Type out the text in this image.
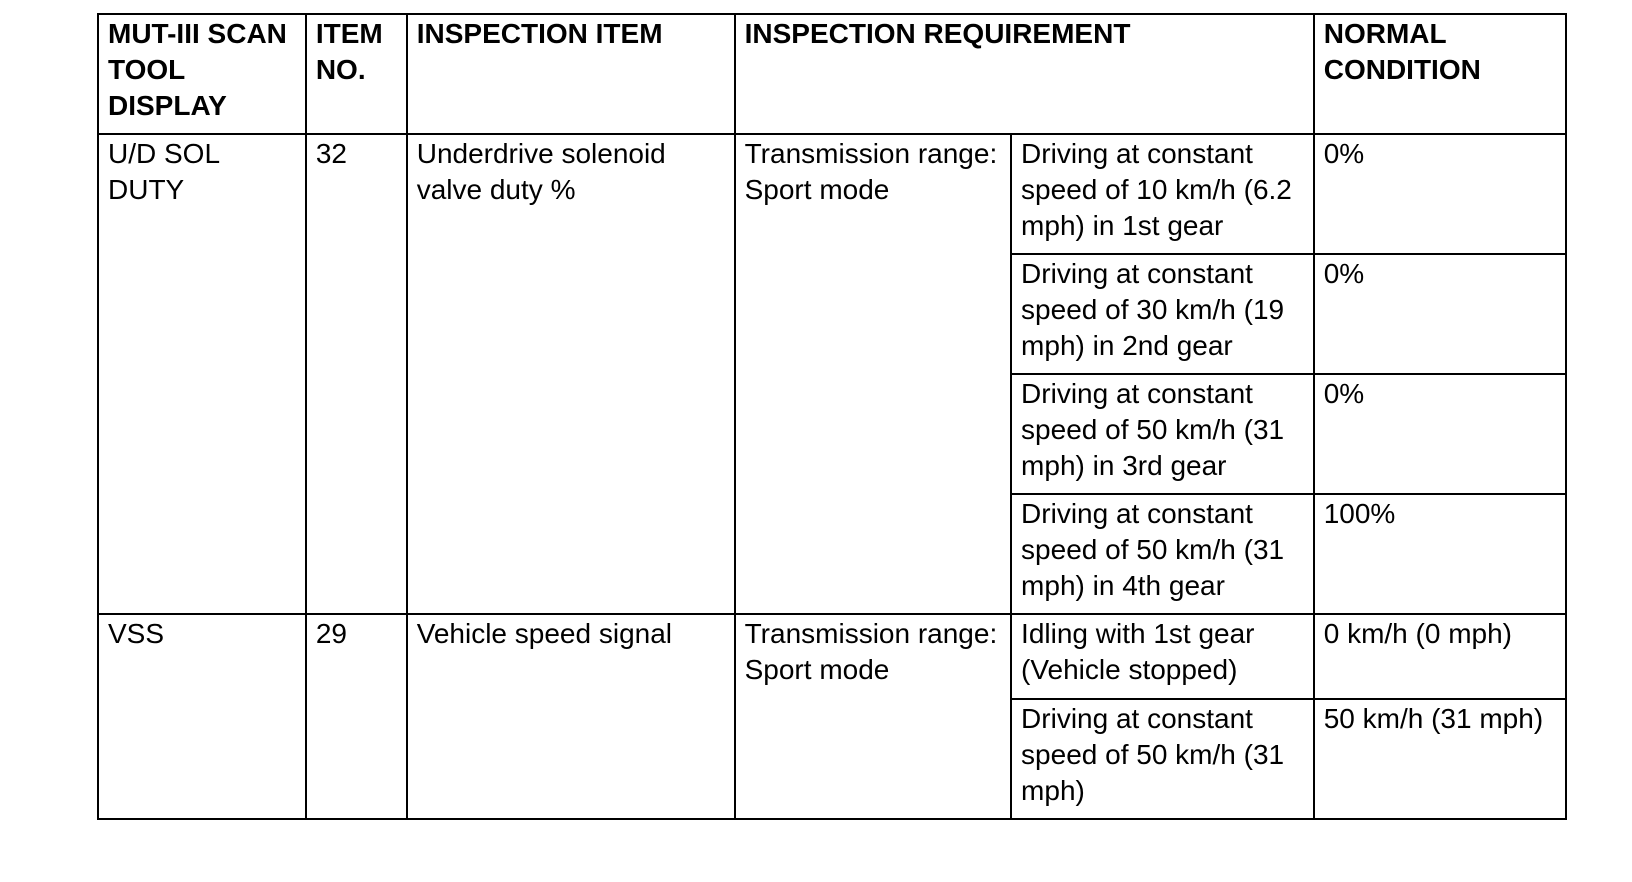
MUT-III SCAN TOOL DISPLAY	ITEM NO.	INSPECTION ITEM	INSPECTION REQUIREMENT		NORMAL CONDITION
U/D SOL DUTY	32	Underdrive solenoid valve duty %	Transmission range: Sport mode	Driving at constant speed of 10 km/h (6.2 mph) in 1st gear	0%
				Driving at constant speed of 30 km/h (19 mph) in 2nd gear	0%
				Driving at constant speed of 50 km/h (31 mph) in 3rd gear	0%
				Driving at constant speed of 50 km/h (31 mph) in 4th gear	100%
VSS	29	Vehicle speed signal	Transmission range: Sport mode	Idling with 1st gear (Vehicle stopped)	0 km/h (0 mph)
				Driving at constant speed of 50 km/h (31 mph)	50 km/h (31 mph)
